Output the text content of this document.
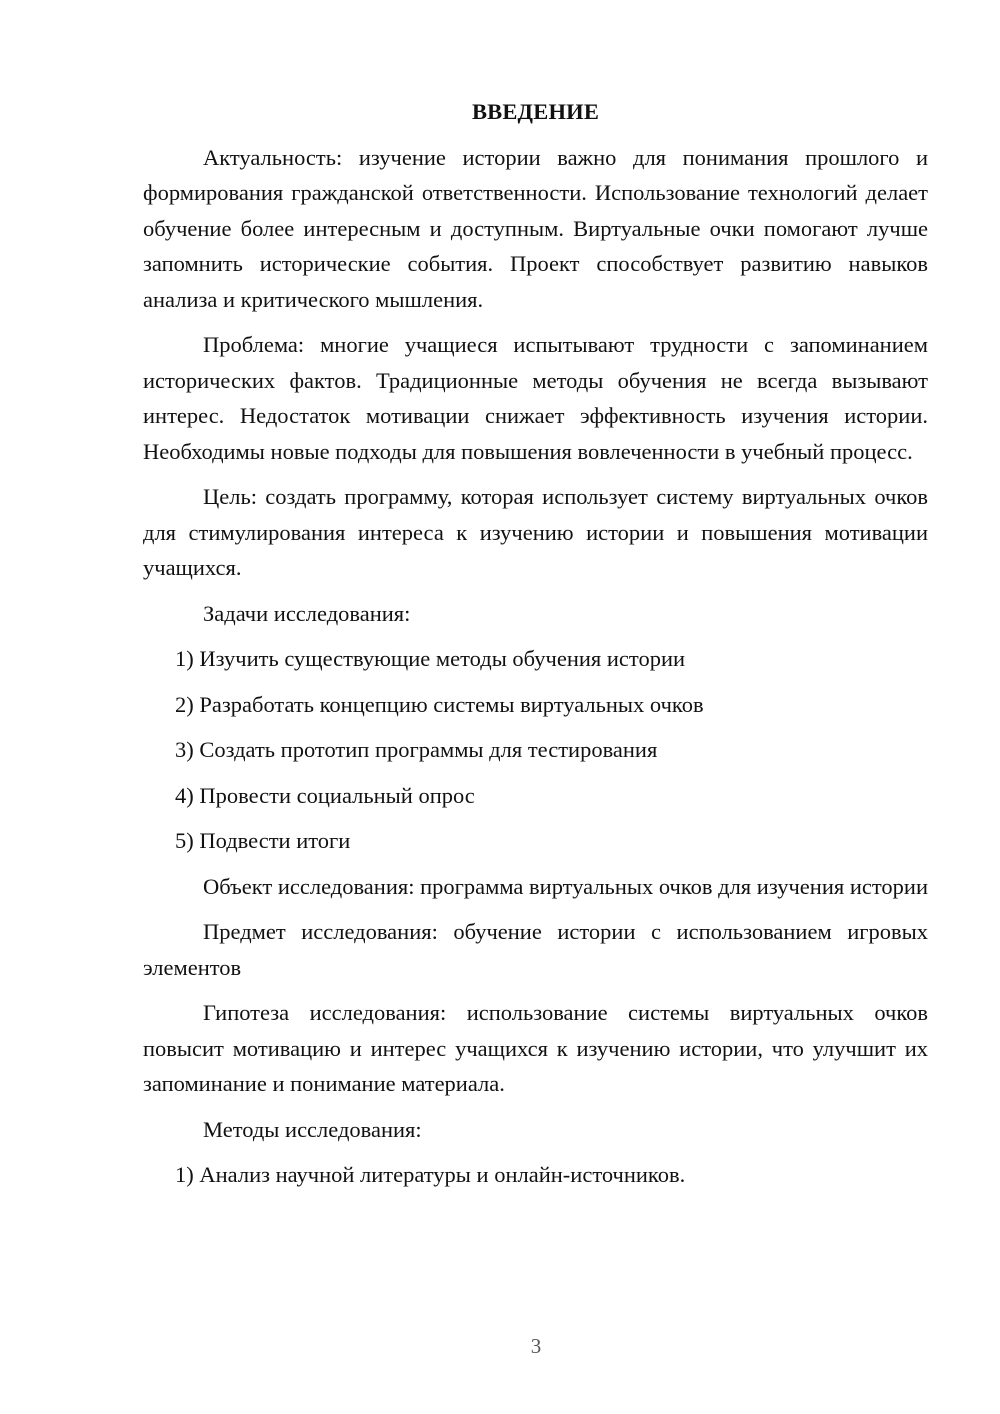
ВВЕДЕНИЕ
Актуальность: изучение истории важно для понимания прошлого и формирования гражданской ответственности. Использование технологий делает обучение более интересным и доступным. Виртуальные очки помогают лучше запомнить исторические события. Проект способствует развитию навыков анализа и критического мышления.
Проблема: многие учащиеся испытывают трудности с запоминанием исторических фактов. Традиционные методы обучения не всегда вызывают интерес. Недостаток мотивации снижает эффективность изучения истории. Необходимы новые подходы для повышения вовлеченности в учебный процесс.
Цель: создать программу, которая использует систему виртуальных очков для стимулирования интереса к изучению истории и повышения мотивации учащихся.
Задачи исследования:
1) Изучить существующие методы обучения истории
2) Разработать концепцию системы виртуальных очков
3) Создать прототип программы для тестирования
4) Провести социальный опрос
5) Подвести итоги
Объект исследования: программа виртуальных очков для изучения истории
Предмет исследования: обучение истории с использованием игровых элементов
Гипотеза исследования: использование системы виртуальных очков повысит мотивацию и интерес учащихся к изучению истории, что улучшит их запоминание и понимание материала.
Методы исследования:
1) Анализ научной литературы и онлайн-источников.
3
